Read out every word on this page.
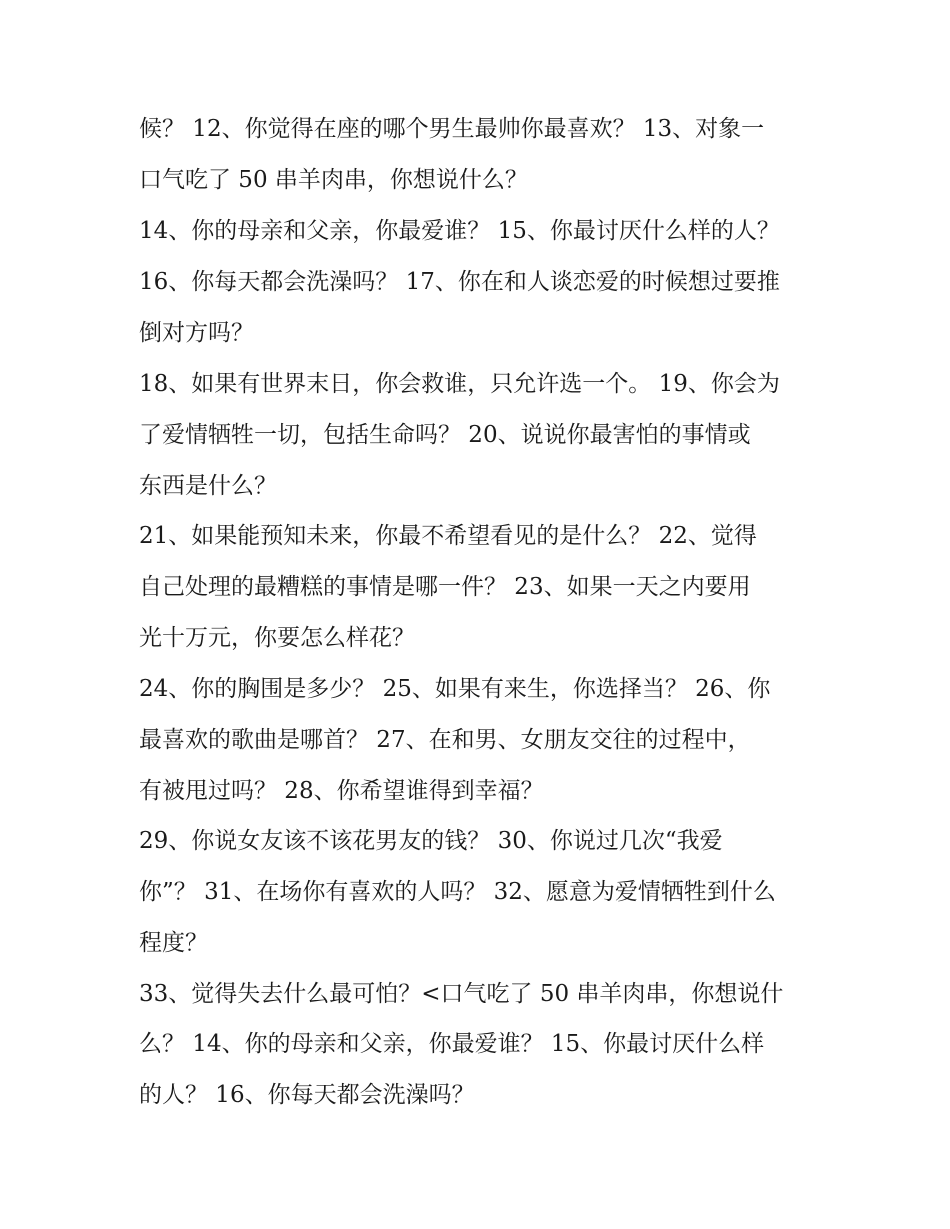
候？ 12、你觉得在座的哪个男生最帅你最喜欢？ 13、对象一

口气吃了 50 串羊肉串，你想说什么？

14、你的母亲和父亲，你最爱谁？ 15、你最讨厌什么样的人？

16、你每天都会洗澡吗？ 17、你在和人谈恋爱的时候想过要推

倒对方吗？

18、如果有世界末日，你会救谁，只允许选一个。 19、你会为

了爱情牺牲一切，包括生命吗？ 20、说说你最害怕的事情或

东西是什么？

21、如果能预知未来，你最不希望看见的是什么？ 22、觉得

自己处理的最糟糕的事情是哪一件？ 23、如果一天之内要用

光十万元，你要怎么样花？

24、你的胸围是多少？ 25、如果有来生，你选择当？ 26、你

最喜欢的歌曲是哪首？ 27、在和男、女朋友交往的过程中，

有被甩过吗？ 28、你希望谁得到幸福？

29、你说女友该不该花男友的钱？ 30、你说过几次“我爱

你”？ 31、在场你有喜欢的人吗？ 32、愿意为爱情牺牲到什么

程度？

33、觉得失去什么最可怕？<口气吃了 50 串羊肉串，你想说什

么？ 14、你的母亲和父亲，你最爱谁？ 15、你最讨厌什么样

的人？ 16、你每天都会洗澡吗？
